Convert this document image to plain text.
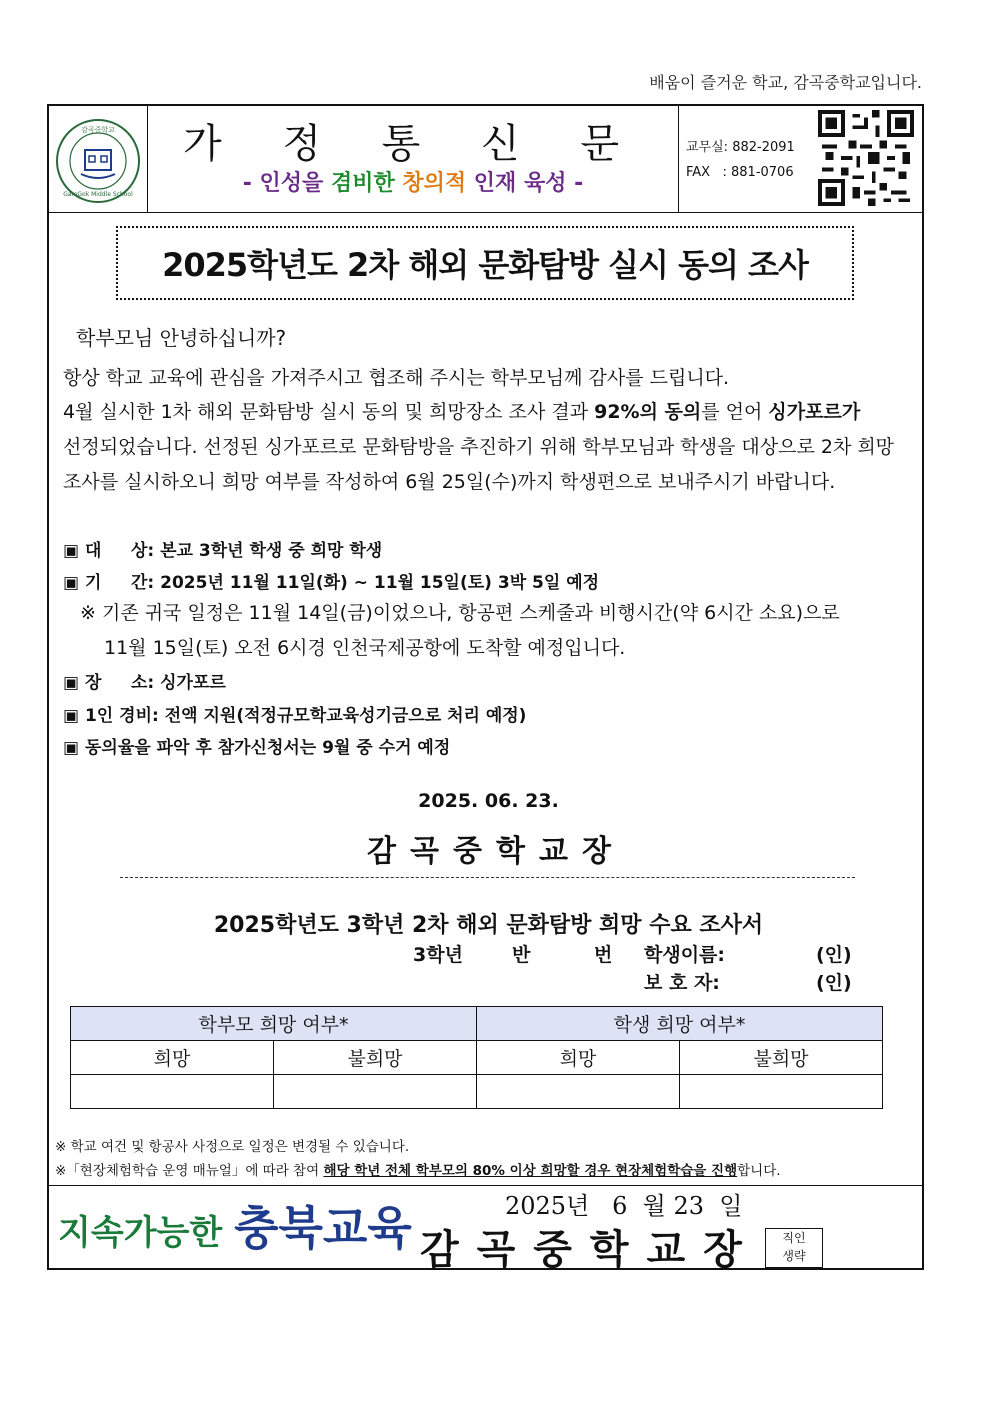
배움이 즐거운 학교, 감곡중학교입니다.
감곡중학교
GamGok Middle School
가 정 통 신 문
- 인성을 겸비한 창의적 인재 육성 -
교무실: 882-2091
FAX   : 881-0706
2025학년도 2차 해외 문화탐방 실시 동의 조사
학부모님 안녕하십니까?
항상 학교 교육에 관심을 가져주시고 협조해 주시는 학부모님께 감사를 드립니다.
4월 실시한 1차 해외 문화탐방 실시 동의 및 희망장소 조사 결과 92%의 동의를 얻어 싱가포르가
선정되었습니다. 선정된 싱가포르로 문화탐방을 추진하기 위해 학부모님과 학생을 대상으로 2차 희망
조사를 실시하오니 희망 여부를 작성하여 6월 25일(수)까지 학생편으로 보내주시기 바랍니다.
▣ 대     상: 본교 3학년 학생 중 희망 학생
▣ 기     간: 2025년 11월 11일(화) ~ 11월 15일(토) 3박 5일 예정
※ 기존 귀국 일정은 11월 14일(금)이었으나, 항공편 스케줄과 비행시간(약 6시간 소요)으로
11월 15일(토) 오전 6시경 인천국제공항에 도착할 예정입니다.
▣ 장     소: 싱가포르
▣ 1인 경비: 전액 지원(적정규모학교육성기금으로 처리 예정)
▣ 동의율을 파악 후 참가신청서는 9월 중 수거 예정
2025. 06. 23.
감곡중학교장
2025학년도 3학년 2차 해외 문화탐방 희망 수요 조사서
3학년	반	번 학생이름:	(인)
보 호 자:	(인)
학부모 희망 여부*		학생 희망 여부*	
희망	불희망	희망	불희망

※ 학교 여건 및 항공사 사정으로 일정은 변경될 수 있습니다.
※「현장체험학습 운영 매뉴얼」에 따라 참여 해당 학년 전체 학부모의 80% 이상 희망할 경우 현장체험학습을 진행합니다.
지속가능한 충북교육	2025년   6  월 23  일
감곡중학교장	직인
생략
